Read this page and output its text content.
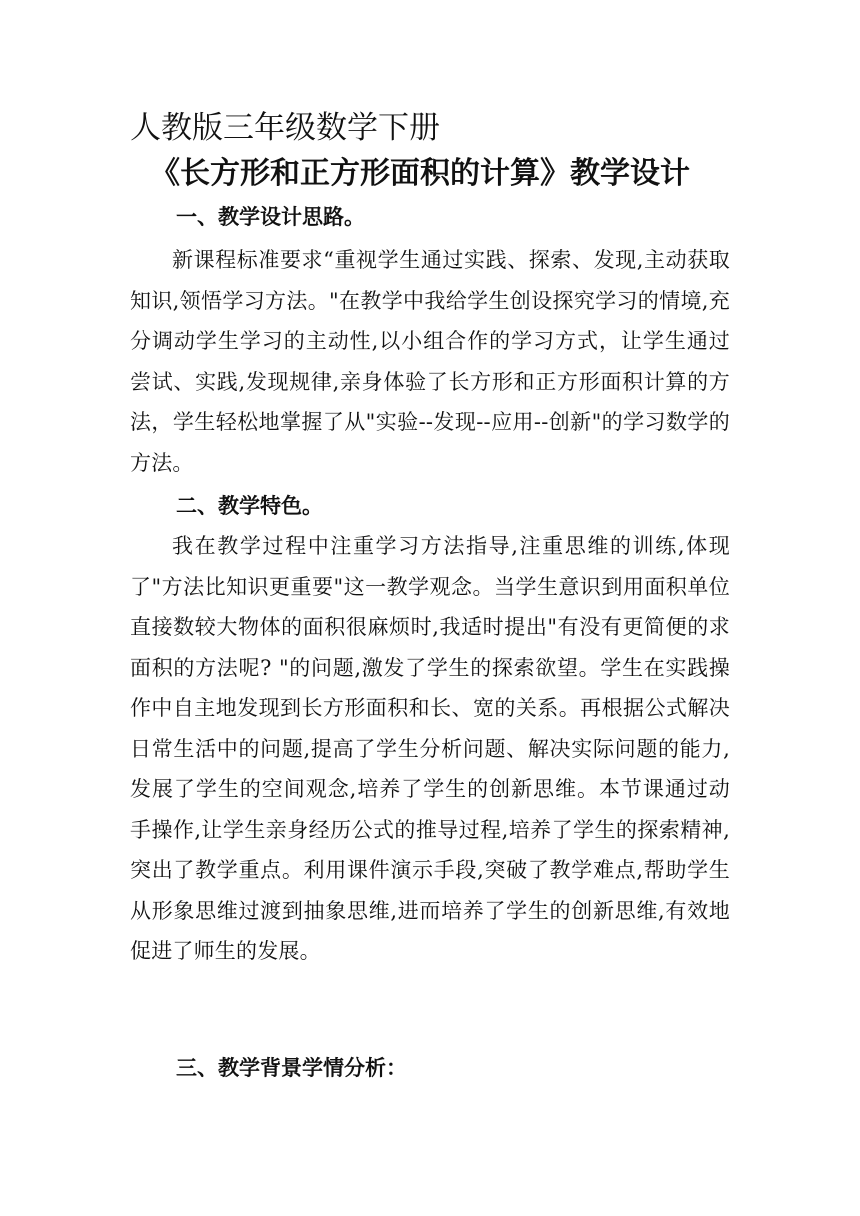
人教版三年级数学下册
《长方形和正方形面积的计算》教学设计
一、教学设计思路。
新课程标准要求“重视学生通过实践、探索、发现,主动获取知识,领悟学习方法。"在教学中我给学生创设探究学习的情境,充分调动学生学习的主动性,以小组合作的学习方式，让学生通过尝试、实践,发现规律,亲身体验了长方形和正方形面积计算的方法，学生轻松地掌握了从"实验--发现--应用--创新"的学习数学的方法。
二、教学特色。
我在教学过程中注重学习方法指导,注重思维的训练,体现了"方法比知识更重要"这一教学观念。当学生意识到用面积单位直接数较大物体的面积很麻烦时,我适时提出"有没有更简便的求面积的方法呢? "的问题,激发了学生的探索欲望。学生在实践操作中自主地发现到长方形面积和长、宽的关系。再根据公式解决日常生活中的问题,提高了学生分析问题、解决实际问题的能力,发展了学生的空间观念,培养了学生的创新思维。本节课通过动手操作,让学生亲身经历公式的推导过程,培养了学生的探索精神,突出了教学重点。利用课件演示手段,突破了教学难点,帮助学生从形象思维过渡到抽象思维,进而培养了学生的创新思维,有效地促进了师生的发展。
三、教学背景学情分析：
